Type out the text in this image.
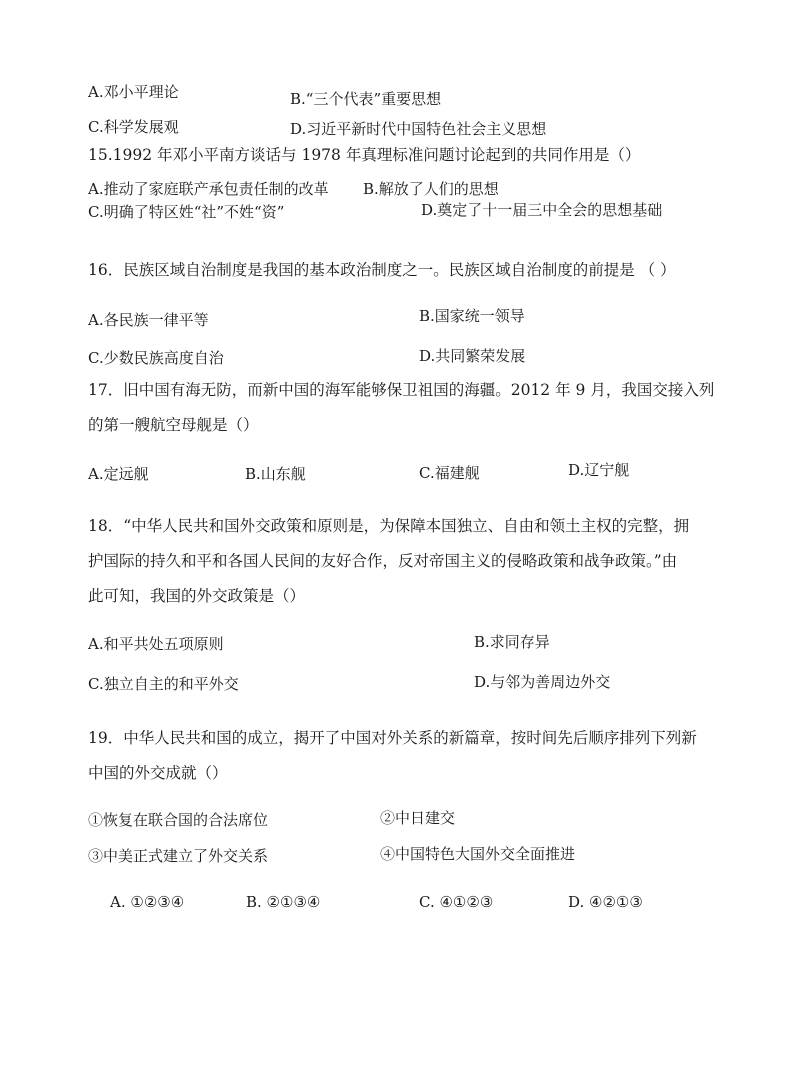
A.邓小平理论	B.“三个代表”重要思想
C.科学发展观	D.习近平新时代中国特色社会主义思想
15.1992 年邓小平南方谈话与 1978 年真理标准问题讨论起到的共同作用是（）
A.推动了家庭联产承包责任制的改革 B.解放了人们的思想
C.明确了特区姓“社”不姓“资”	D.奠定了十一届三中全会的思想基础
16．民族区域自治制度是我国的基本政治制度之一。民族区域自治制度的前提是 （ ）
A.各民族一律平等	B.国家统一领导
C.少数民族高度自治	D.共同繁荣发展
17．旧中国有海无防，而新中国的海军能够保卫祖国的海疆。2012 年 9 月，我国交接入列
的第一艘航空母舰是（）
A.定远舰	B.山东舰	C.福建舰	D.辽宁舰
18．“中华人民共和国外交政策和原则是，为保障本国独立、自由和领土主权的完整，拥
护国际的持久和平和各国人民间的友好合作，反对帝国主义的侵略政策和战争政策。”由
此可知，我国的外交政策是（）
A.和平共处五项原则	B.求同存异
C.独立自主的和平外交	D.与邻为善周边外交
19．中华人民共和国的成立，揭开了中国对外关系的新篇章，按时间先后顺序排列下列新
中国的外交成就（）
①恢复在联合国的合法席位	②中日建交
③中美正式建立了外交关系	④中国特色大国外交全面推进
A. ①②③④	B. ②①③④	C. ④①②③	D. ④②①③
